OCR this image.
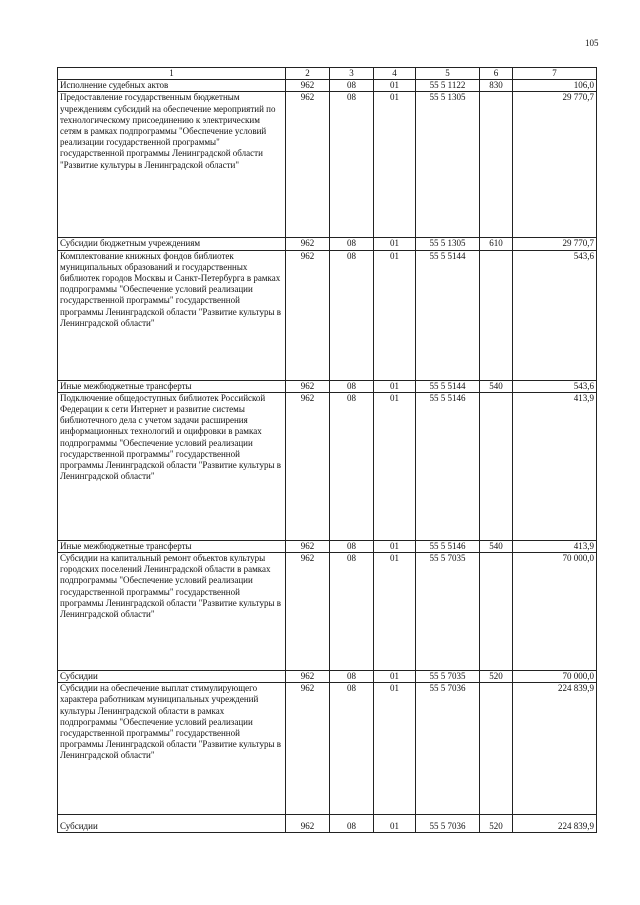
105
1	2	3	4	5	6	7
Исполнение судебных актов	962	08	01	55 5 1122	830	106,0
Предоставление государственным бюджетным учреждениям субсидий на обеспечение мероприятий по технологическому присоединению к электрическим сетям в рамках подпрограммы "Обеспечение условий реализации государственной программы" государственной программы Ленинградской области "Развитие культуры в Ленинградской области"	962	08	01	55 5 1305		29 770,7
Субсидии бюджетным учреждениям	962	08	01	55 5 1305	610	29 770,7
Комплектование книжных фондов библиотек муниципальных образований и государственных библиотек городов Москвы и Санкт-Петербурга в рамках подпрограммы "Обеспечение условий реализации государственной программы" государственной программы Ленинградской области "Развитие культуры в Ленинградской области"	962	08	01	55 5 5144		543,6
Иные межбюджетные трансферты	962	08	01	55 5 5144	540	543,6
Подключение общедоступных библиотек Российской Федерации к сети Интернет и развитие системы библиотечного дела с учетом задачи расширения информационных технологий и оцифровки в рамках подпрограммы "Обеспечение условий реализации государственной программы" государственной программы Ленинградской области "Развитие культуры в Ленинградской области"	962	08	01	55 5 5146		413,9
Иные межбюджетные трансферты	962	08	01	55 5 5146	540	413,9
Субсидии на капитальный ремонт объектов культуры городских поселений Ленинградской области в рамках подпрограммы "Обеспечение условий реализации государственной программы" государственной программы Ленинградской области "Развитие культуры в Ленинградской области"	962	08	01	55 5 7035		70 000,0
Субсидии	962	08	01	55 5 7035	520	70 000,0
Субсидии на обеспечение выплат стимулирующего характера работникам муниципальных учреждений культуры Ленинградской области в рамках подпрограммы "Обеспечение условий реализации государственной программы" государственной программы Ленинградской области "Развитие культуры в Ленинградской области"	962	08	01	55 5 7036		224 839,9
Субсидии	962	08	01	55 5 7036	520	224 839,9
